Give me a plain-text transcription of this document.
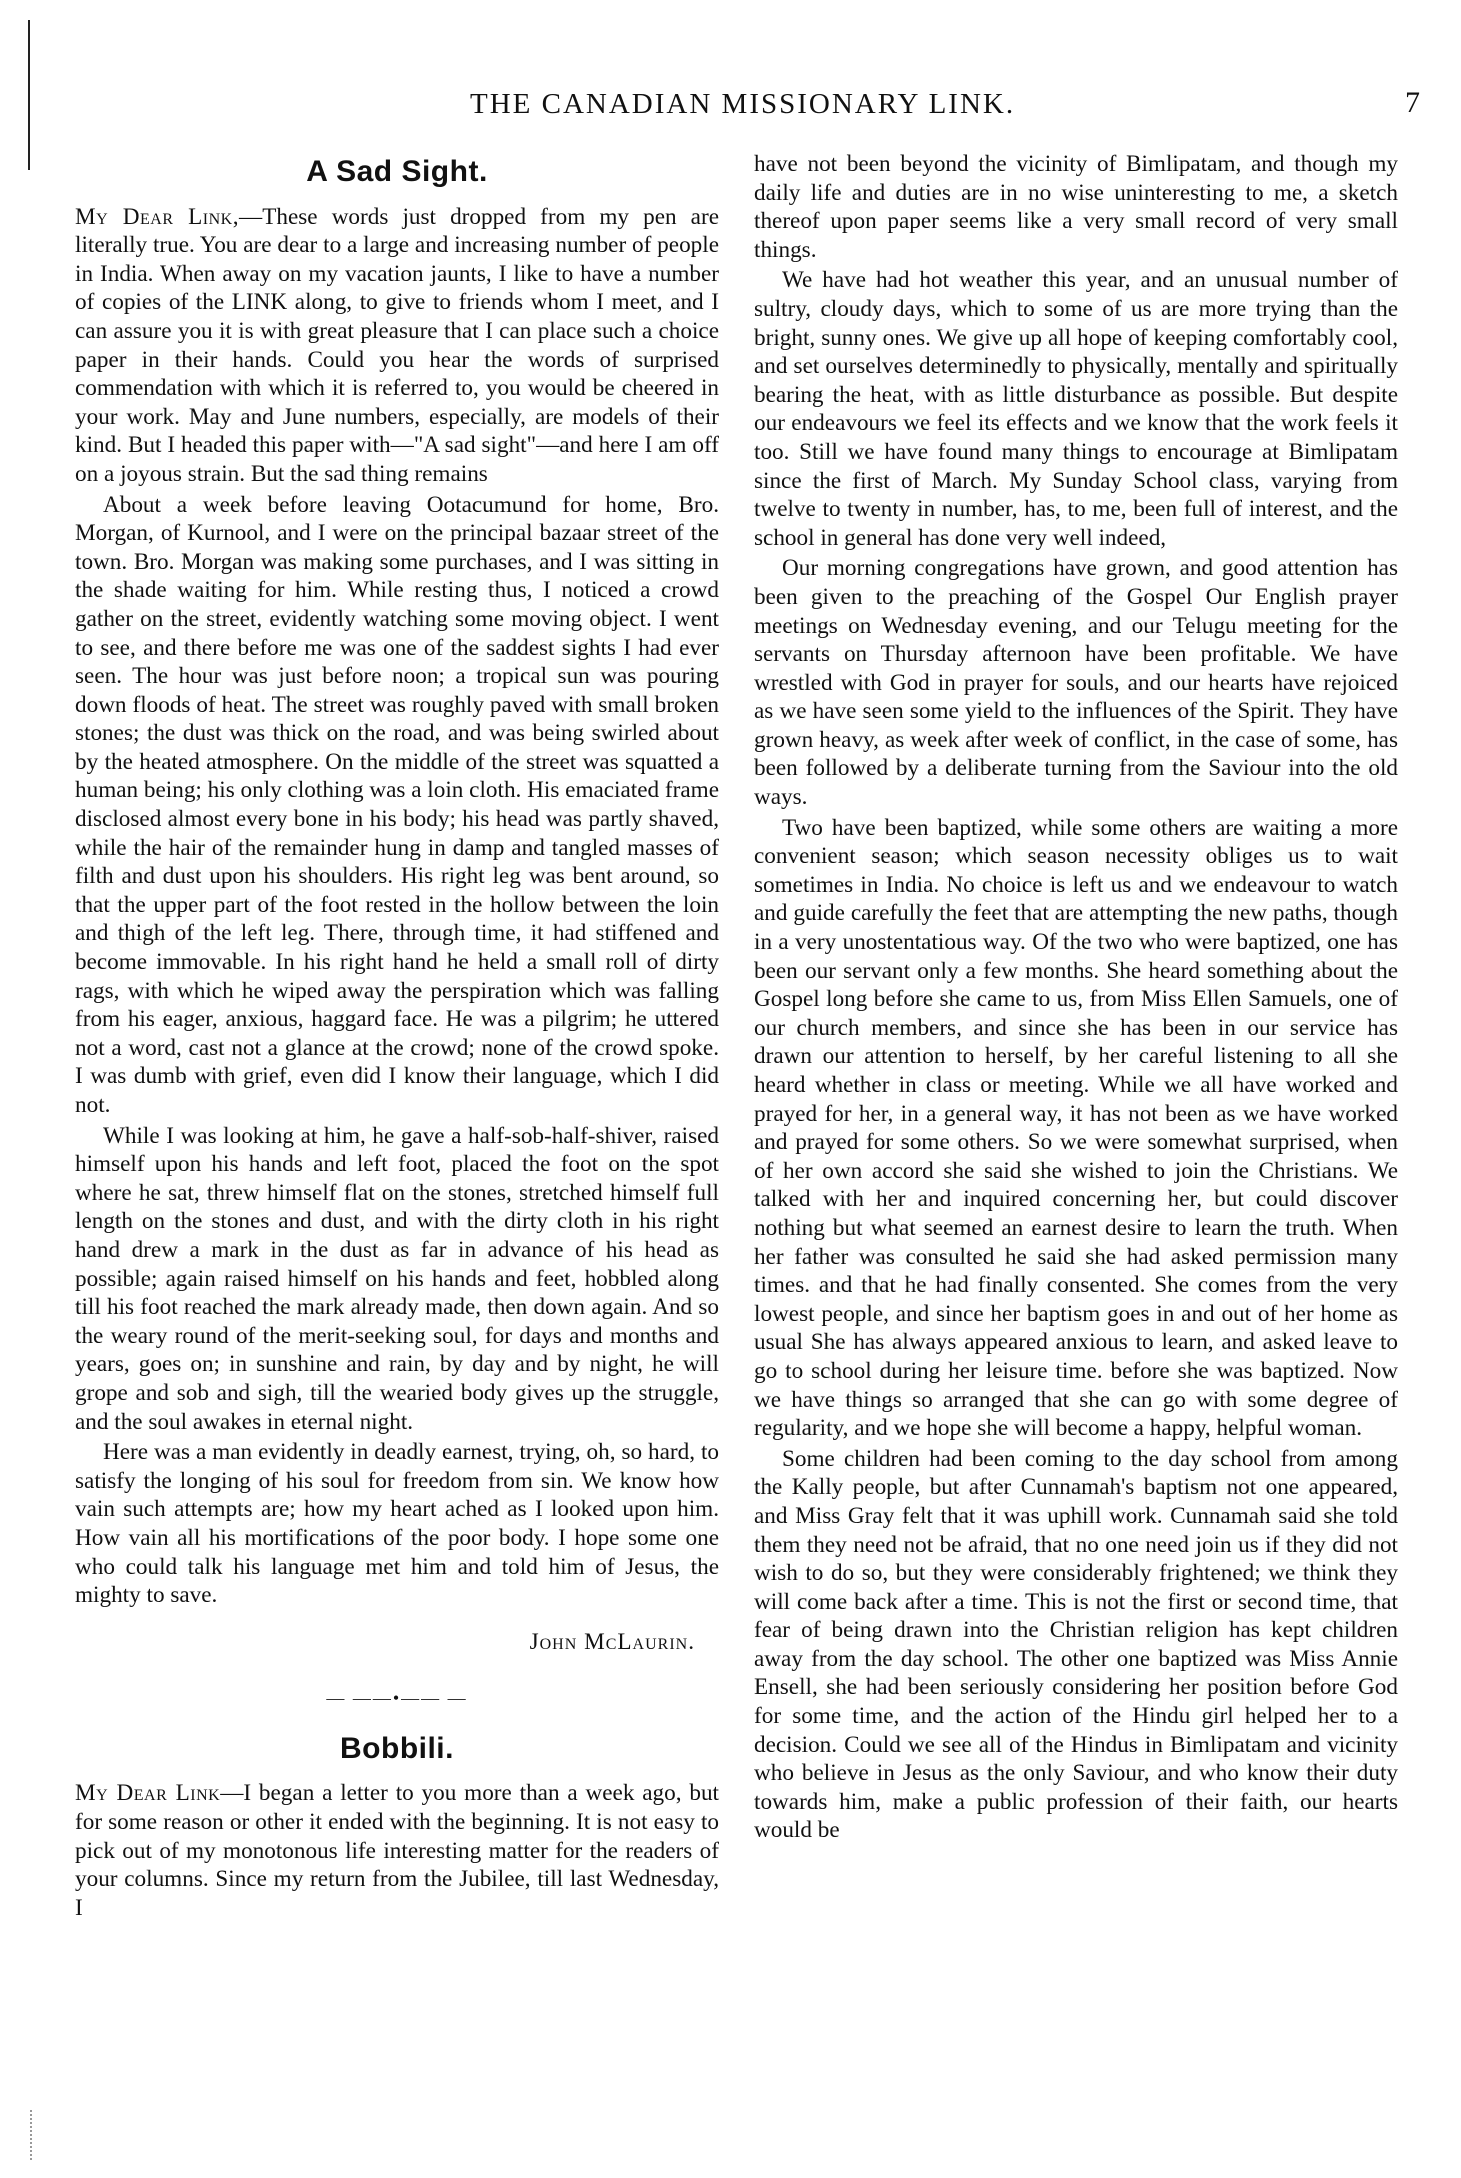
THE CANADIAN MISSIONARY LINK.	7
A Sad Sight.

My Dear Link,—These words just dropped from my pen are literally true. You are dear to a large and increasing number of people in India. When away on my vacation jaunts, I like to have a number of copies of the LINK along, to give to friends whom I meet, and I can assure you it is with great pleasure that I can place such a choice paper in their hands. Could you hear the words of surprised commendation with which it is referred to, you would be cheered in your work. May and June numbers, especially, are models of their kind. But I headed this paper with—"A sad sight"—and here I am off on a joyous strain. But the sad thing remains

About a week before leaving Ootacumund for home, Bro. Morgan, of Kurnool, and I were on the principal bazaar street of the town. Bro. Morgan was making some purchases, and I was sitting in the shade waiting for him. While resting thus, I noticed a crowd gather on the street, evidently watching some moving object. I went to see, and there before me was one of the saddest sights I had ever seen. The hour was just before noon; a tropical sun was pouring down floods of heat. The street was roughly paved with small broken stones; the dust was thick on the road, and was being swirled about by the heated atmosphere. On the middle of the street was squatted a human being; his only clothing was a loin cloth. His emaciated frame disclosed almost every bone in his body; his head was partly shaved, while the hair of the remainder hung in damp and tangled masses of filth and dust upon his shoulders. His right leg was bent around, so that the upper part of the foot rested in the hollow between the loin and thigh of the left leg. There, through time, it had stiffened and become immovable. In his right hand he held a small roll of dirty rags, with which he wiped away the perspiration which was falling from his eager, anxious, haggard face. He was a pilgrim; he uttered not a word, cast not a glance at the crowd; none of the crowd spoke. I was dumb with grief, even did I know their language, which I did not.

While I was looking at him, he gave a half-sob-half-shiver, raised himself upon his hands and left foot, placed the foot on the spot where he sat, threw himself flat on the stones, stretched himself full length on the stones and dust, and with the dirty cloth in his right hand drew a mark in the dust as far in advance of his head as possible; again raised himself on his hands and feet, hobbled along till his foot reached the mark already made, then down again. And so the weary round of the merit-seeking soul, for days and months and years, goes on; in sunshine and rain, by day and by night, he will grope and sob and sigh, till the wearied body gives up the struggle, and the soul awakes in eternal night.

Here was a man evidently in deadly earnest, trying, oh, so hard, to satisfy the longing of his soul for freedom from sin. We know how vain such attempts are; how my heart ached as I looked upon him. How vain all his mortifications of the poor body. I hope some one who could talk his language met him and told him of Jesus, the mighty to save.

John McLaurin.
— ——•—— —
Bobbili.

My Dear Link—I began a letter to you more than a week ago, but for some reason or other it ended with the beginning. It is not easy to pick out of my monotonous life interesting matter for the readers of your columns. Since my return from the Jubilee, till last Wednesday, I

have not been beyond the vicinity of Bimlipatam, and though my daily life and duties are in no wise uninteresting to me, a sketch thereof upon paper seems like a very small record of very small things.

We have had hot weather this year, and an unusual number of sultry, cloudy days, which to some of us are more trying than the bright, sunny ones. We give up all hope of keeping comfortably cool, and set ourselves determinedly to physically, mentally and spiritually bearing the heat, with as little disturbance as possible. But despite our endeavours we feel its effects and we know that the work feels it too. Still we have found many things to encourage at Bimlipatam since the first of March. My Sunday School class, varying from twelve to twenty in number, has, to me, been full of interest, and the school in general has done very well indeed,

Our morning congregations have grown, and good attention has been given to the preaching of the Gospel Our English prayer meetings on Wednesday evening, and our Telugu meeting for the servants on Thursday afternoon have been profitable. We have wrestled with God in prayer for souls, and our hearts have rejoiced as we have seen some yield to the influences of the Spirit. They have grown heavy, as week after week of conflict, in the case of some, has been followed by a deliberate turning from the Saviour into the old ways.

Two have been baptized, while some others are waiting a more convenient season; which season necessity obliges us to wait sometimes in India. No choice is left us and we endeavour to watch and guide carefully the feet that are attempting the new paths, though in a very unostentatious way. Of the two who were baptized, one has been our servant only a few months. She heard something about the Gospel long before she came to us, from Miss Ellen Samuels, one of our church members, and since she has been in our service has drawn our attention to herself, by her careful listening to all she heard whether in class or meeting. While we all have worked and prayed for her, in a general way, it has not been as we have worked and prayed for some others. So we were somewhat surprised, when of her own accord she said she wished to join the Christians. We talked with her and inquired concerning her, but could discover nothing but what seemed an earnest desire to learn the truth. When her father was consulted he said she had asked permission many times. and that he had finally consented. She comes from the very lowest people, and since her baptism goes in and out of her home as usual She has always appeared anxious to learn, and asked leave to go to school during her leisure time. before she was baptized. Now we have things so arranged that she can go with some degree of regularity, and we hope she will become a happy, helpful woman.

Some children had been coming to the day school from among the Kally people, but after Cunnamah's baptism not one appeared, and Miss Gray felt that it was uphill work. Cunnamah said she told them they need not be afraid, that no one need join us if they did not wish to do so, but they were considerably frightened; we think they will come back after a time. This is not the first or second time, that fear of being drawn into the Christian religion has kept children away from the day school. The other one baptized was Miss Annie Ensell, she had been seriously considering her position before God for some time, and the action of the Hindu girl helped her to a decision. Could we see all of the Hindus in Bimlipatam and vicinity who believe in Jesus as the only Saviour, and who know their duty towards him, make a public profession of their faith, our hearts would be
